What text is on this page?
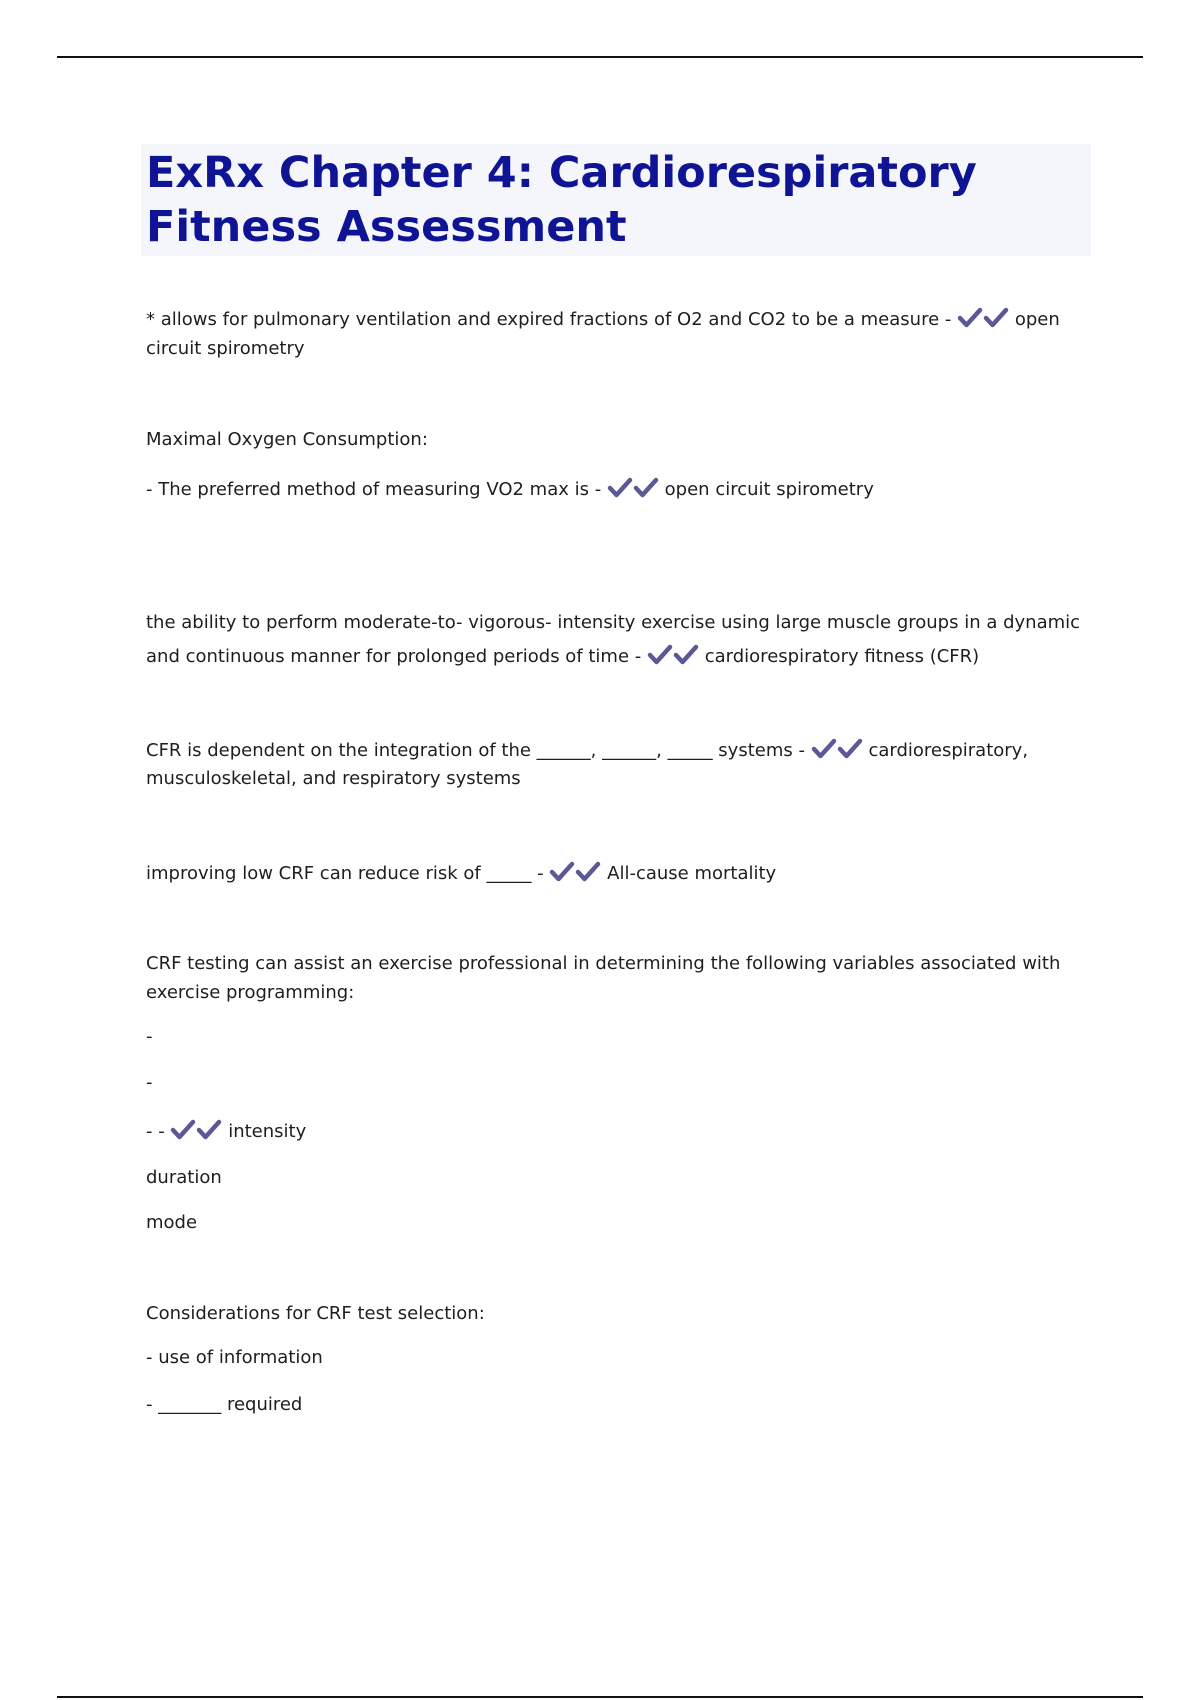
ExRx Chapter 4: Cardiorespiratory
Fitness Assessment

* allows for pulmonary ventilation and expired fractions of O2 and CO2 to be a measure -	open

circuit spirometry

Maximal Oxygen Consumption:

- The preferred method of measuring VO2 max is -	open circuit spirometry

the ability to perform moderate-to- vigorous- intensity exercise using large muscle groups in a dynamic

and continuous manner for prolonged periods of time -	cardiorespiratory fitness (CFR)

CFR is dependent on the integration of the ______, ______, _____ systems -	cardiorespiratory,

musculoskeletal, and respiratory systems

improving low CRF can reduce risk of _____ -	All-cause mortality

CRF testing can assist an exercise professional in determining the following variables associated with

exercise programming:

-

-

- -	intensity

duration

mode

Considerations for CRF test selection:

- use of information

- _______ required
